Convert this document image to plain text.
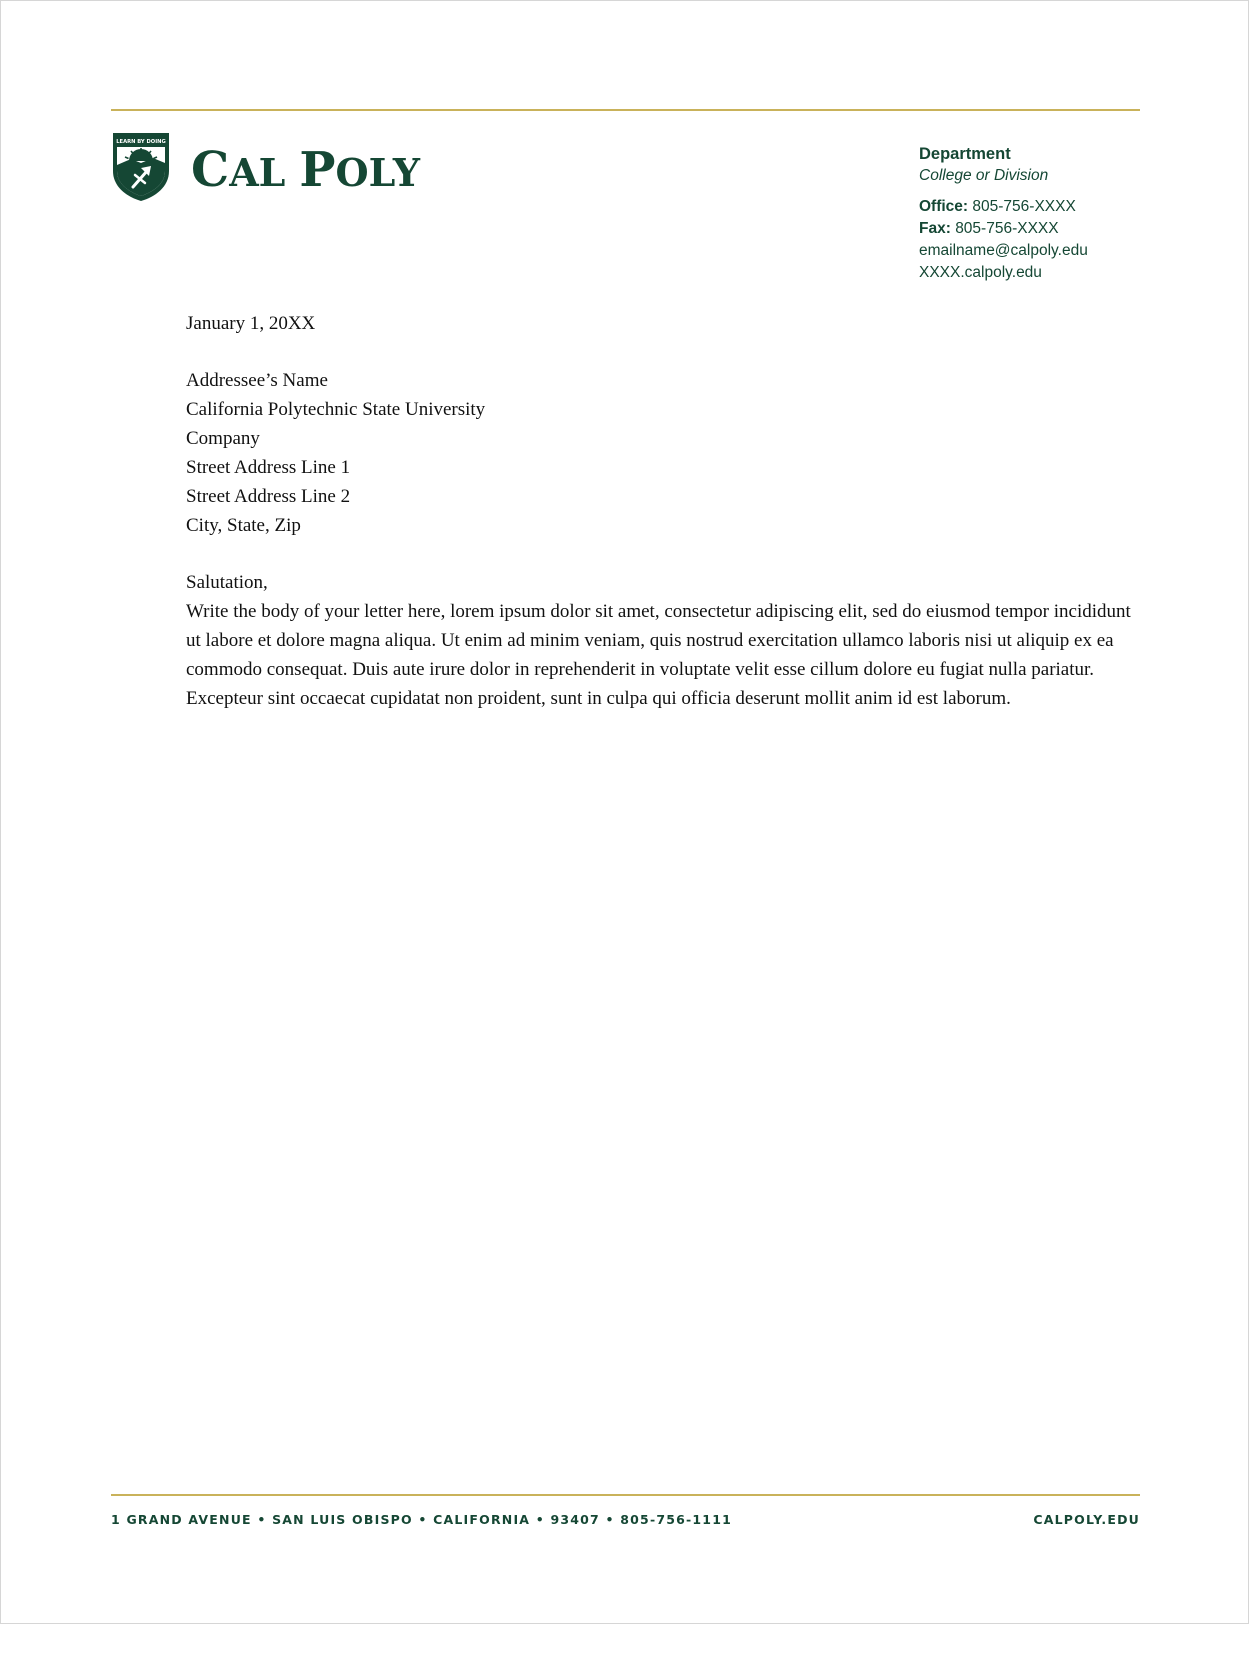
LEARN BY DOING C AL P OLY	Department
College or Division
Office: 805-756-XXXX
Fax: 805-756-XXXX
emailname@calpoly.edu
XXXX.calpoly.edu

January 1, 20XX

Addressee’s Name

California Polytechnic State University

Company

Street Address Line 1

Street Address Line 2

City, State, Zip

Salutation,

Write the body of your letter here, lorem ipsum dolor sit amet, consectetur adipiscing elit, sed do eiusmod tempor incididunt ut labore et dolore magna aliqua. Ut enim ad minim veniam, quis nostrud exercitation ullamco laboris nisi ut aliquip ex ea commodo consequat. Duis aute irure dolor in reprehenderit in voluptate velit esse cillum dolore eu fugiat nulla pariatur. Excepteur sint occaecat cupidatat non proident, sunt in culpa qui officia deserunt mollit anim id est laborum.

1 GRAND AVENUE • SAN LUIS OBISPO • CALIFORNIA • 93407 • 805-756-1111	CALPOLY.EDU
